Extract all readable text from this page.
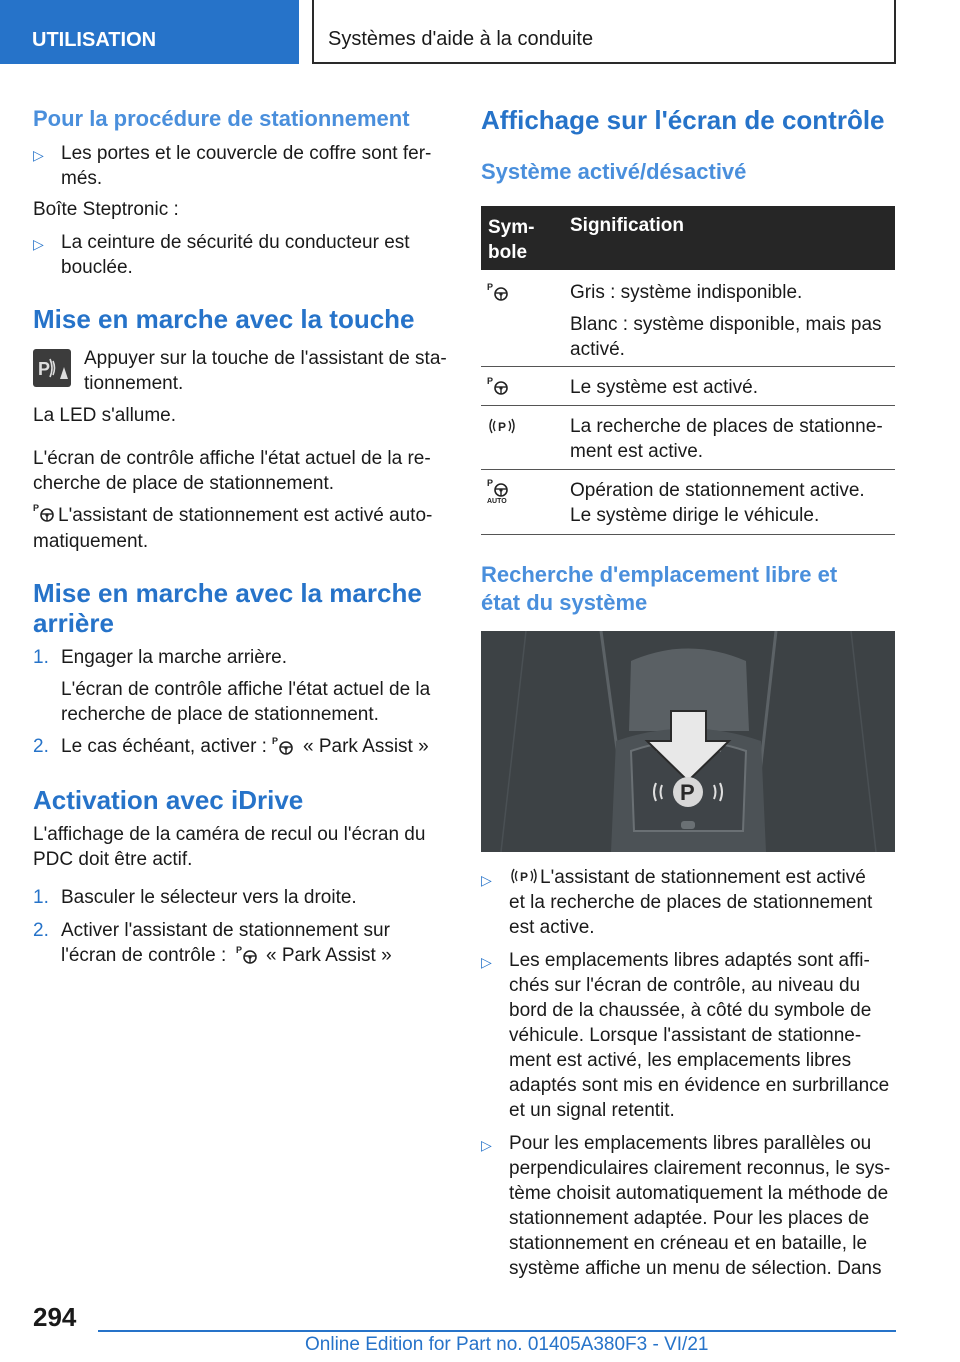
UTILISATION	Systèmes d'aide à la conduite
Pour la procédure de stationnement
▷ Les portes et le couvercle de coffre sont fer-
més.
Boîte Steptronic :
▷ La ceinture de sécurité du conducteur est
bouclée.
Mise en marche avec la touche
P Appuyer sur la touche de l'assistant de sta-
tionnement.
La LED s'allume.
L'écran de contrôle affiche l'état actuel de la re-
cherche de place de stationnement.
L'assistant de stationnement est activé auto-
matiquement.
Mise en marche avec la marche
arrière
1. Engager la marche arrière.
L'écran de contrôle affiche l'état actuel de la
recherche de place de stationnement.
2. Le cas échéant, activer : « Park Assist »
Activation avec iDrive
L'affichage de la caméra de recul ou l'écran du
PDC doit être actif.
1. Basculer le sélecteur vers la droite.
2. Activer l'assistant de stationnement sur
l'écran de contrôle : « Park Assist »
Affichage sur l'écran de contrôle
Système activé/désactivé
Sym-
bole
Signification
Gris : système indisponible.
Blanc : système disponible, mais pas
activé.
Le système est activé.
La recherche de places de stationne-
ment est active.
AUTO
Opération de stationnement active.
Le système dirige le véhicule.
Recherche d'emplacement libre et
état du système
P
▷	L'assistant de stationnement est activé
et la recherche de places de stationnement
est active.
▷ Les emplacements libres adaptés sont affi-
chés sur l'écran de contrôle, au niveau du
bord de la chaussée, à côté du symbole de
véhicule. Lorsque l'assistant de stationne-
ment est activé, les emplacements libres
adaptés sont mis en évidence en surbrillance
et un signal retentit.
▷ Pour les emplacements libres parallèles ou
perpendiculaires clairement reconnus, le sys-
tème choisit automatiquement la méthode de
stationnement adaptée. Pour les places de
stationnement en créneau et en bataille, le
système affiche un menu de sélection. Dans
294
Online Edition for Part no. 01405A380F3 - VI/21
